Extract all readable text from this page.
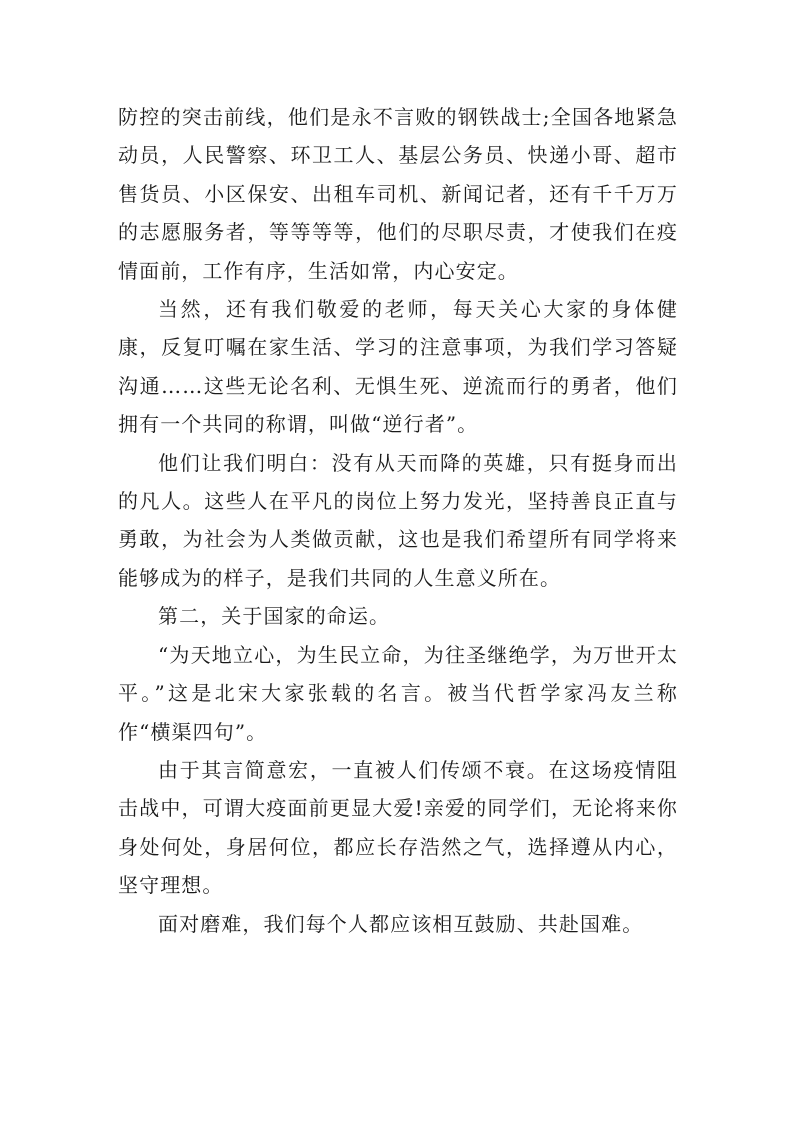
防控的突击前线，他们是永不言败的钢铁战士;全国各地紧急动员，人民警察、环卫工人、基层公务员、快递小哥、超市售货员、小区保安、出租车司机、新闻记者，还有千千万万的志愿服务者，等等等等，他们的尽职尽责，才使我们在疫情面前，工作有序，生活如常，内心安定。

当然，还有我们敬爱的老师，每天关心大家的身体健康，反复叮嘱在家生活、学习的注意事项，为我们学习答疑沟通……这些无论名利、无惧生死、逆流而行的勇者，他们拥有一个共同的称谓，叫做“逆行者”。

他们让我们明白：没有从天而降的英雄，只有挺身而出的凡人。这些人在平凡的岗位上努力发光，坚持善良正直与勇敢，为社会为人类做贡献，这也是我们希望所有同学将来能够成为的样子，是我们共同的人生意义所在。

第二，关于国家的命运。

“为天地立心，为生民立命，为往圣继绝学，为万世开太平。”这是北宋大家张载的名言。被当代哲学家冯友兰称作“横渠四句”。

由于其言简意宏，一直被人们传颂不衰。在这场疫情阻击战中，可谓大疫面前更显大爱!亲爱的同学们，无论将来你身处何处，身居何位，都应长存浩然之气，选择遵从内心，坚守理想。

面对磨难，我们每个人都应该相互鼓励、共赴国难。
